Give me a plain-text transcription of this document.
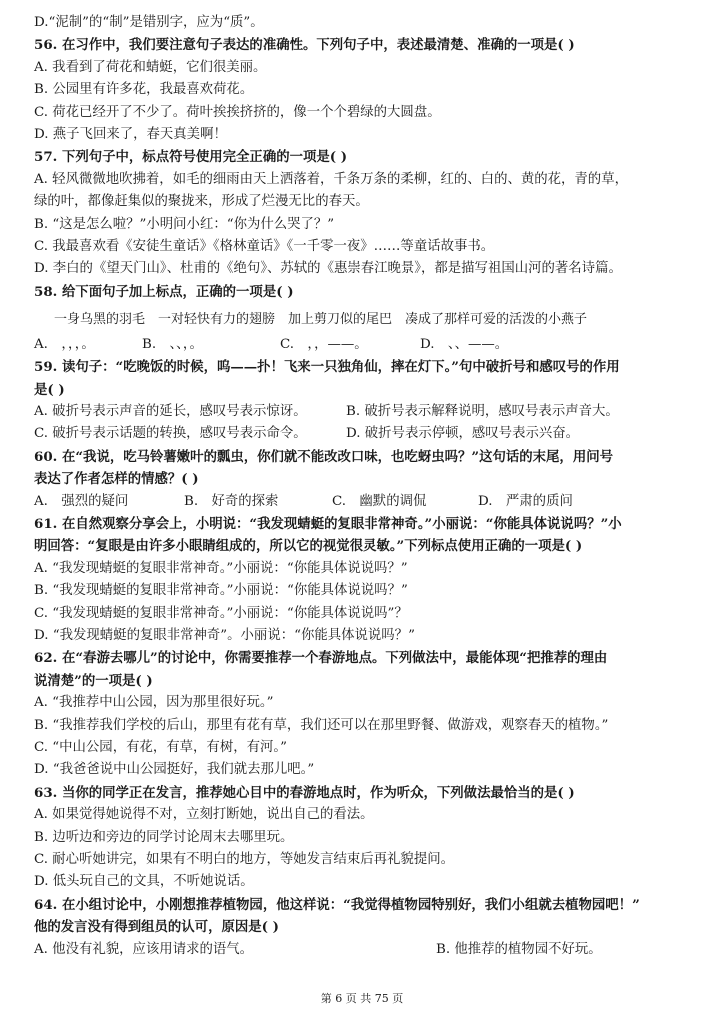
D.“泥制”的“制”是错别字，应为“质”。
56. 在习作中，我们要注意句子表达的准确性。下列句子中，表述最清楚、准确的一项是( )
A. 我看到了荷花和蜻蜓，它们很美丽。
B. 公园里有许多花，我最喜欢荷花。
C. 荷花已经开了不少了。荷叶挨挨挤挤的，像一个个碧绿的大圆盘。
D. 燕子飞回来了，春天真美啊！
57. 下列句子中，标点符号使用完全正确的一项是( )
A. 轻风微微地吹拂着，如毛的细雨由天上洒落着，千条万条的柔柳，红的、白的、黄的花，青的草，
绿的叶，都像赶集似的聚拢来，形成了烂漫无比的春天。
B. “这是怎么啦？”小明问小红：“你为什么哭了？”
C. 我最喜欢看《安徒生童话》《格林童话》《一千零一夜》……等童话故事书。
D. 李白的《望天门山》、杜甫的《绝句》、苏轼的《惠崇春江晚景》，都是描写祖国山河的著名诗篇。
58. 给下面句子加上标点，正确的一项是( )
一身乌黑的羽毛　一对轻快有力的翅膀　加上剪刀似的尾巴　凑成了那样可爱的活泼的小燕子
A.　，，，。	B.　、、，。	C.　，，——。	D.　、、——。
59. 读句子：“吃晚饭的时候，呜——扑！飞来一只独角仙，摔在灯下。”句中破折号和感叹号的作用
是( )
A. 破折号表示声音的延长，感叹号表示惊讶。	B. 破折号表示解释说明，感叹号表示声音大。
C. 破折号表示话题的转换，感叹号表示命令。	D. 破折号表示停顿，感叹号表示兴奋。
60. 在“我说，吃马铃薯嫩叶的瓢虫，你们就不能改改口味，也吃蚜虫吗？”这句话的末尾，用问号
表达了作者怎样的情感？( )
A.　强烈的疑问	B.　好奇的探索	C.　幽默的调侃	D.　严肃的质问
61. 在自然观察分享会上，小明说：“我发现蜻蜓的复眼非常神奇。”小丽说：“你能具体说说吗？”小
明回答：“复眼是由许多小眼睛组成的，所以它的视觉很灵敏。”下列标点使用正确的一项是( )
A. “我发现蜻蜓的复眼非常神奇。”小丽说：“你能具体说说吗？”
B. “我发现蜻蜓的复眼非常神奇。”小丽说：“你能具体说说吗？”
C. “我发现蜻蜓的复眼非常神奇。”小丽说：“你能具体说说吗”？
D. “我发现蜻蜓的复眼非常神奇”。小丽说：“你能具体说说吗？”
62. 在“春游去哪儿”的讨论中，你需要推荐一个春游地点。下列做法中，最能体现“把推荐的理由
说清楚”的一项是( )
A. “我推荐中山公园，因为那里很好玩。”
B. “我推荐我们学校的后山，那里有花有草，我们还可以在那里野餐、做游戏，观察春天的植物。”
C. “中山公园，有花，有草，有树，有河。”
D. “我爸爸说中山公园挺好，我们就去那儿吧。”
63. 当你的同学正在发言，推荐她心目中的春游地点时，作为听众，下列做法最恰当的是( )
A. 如果觉得她说得不对，立刻打断她，说出自己的看法。
B. 边听边和旁边的同学讨论周末去哪里玩。
C. 耐心听她讲完，如果有不明白的地方，等她发言结束后再礼貌提问。
D. 低头玩自己的文具，不听她说话。
64. 在小组讨论中，小刚想推荐植物园，他这样说：“我觉得植物园特别好，我们小组就去植物园吧！”
他的发言没有得到组员的认可，原因是( )
A. 他没有礼貌，应该用请求的语气。	B. 他推荐的植物园不好玩。
第 6 页 共 75 页
